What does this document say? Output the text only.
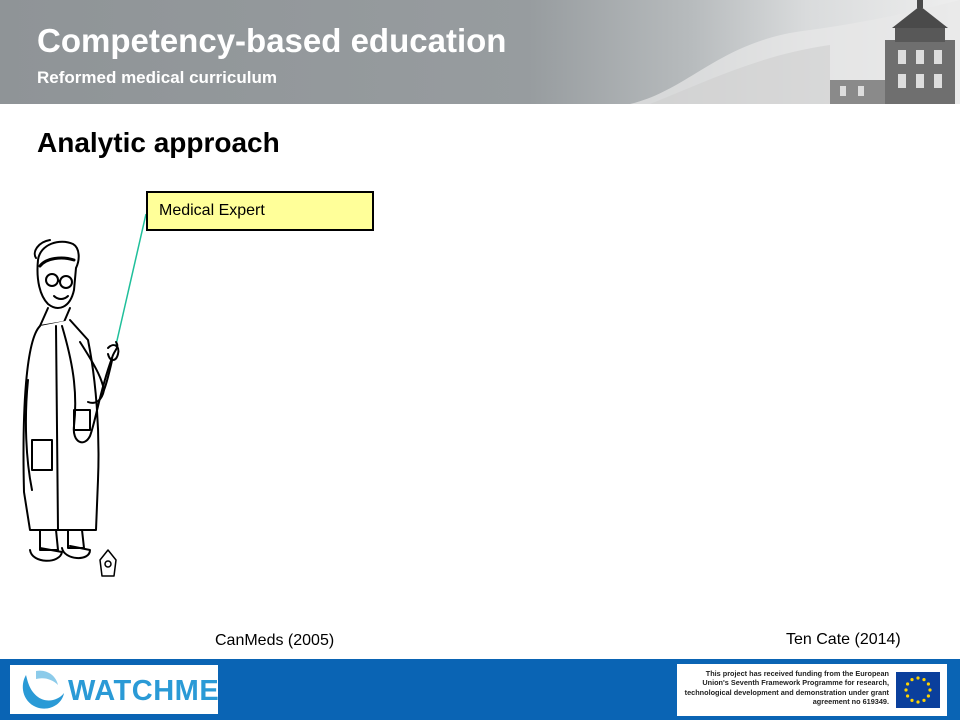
Competency-based education
Reformed medical curriculum
Analytic approach
Medical Expert
CanMeds (2005)	Ten Cate (2014)
WATCHME

This project has received funding from the European Union's Seventh Framework Programme for research, technological development and demonstration under grant agreement no 619349.
